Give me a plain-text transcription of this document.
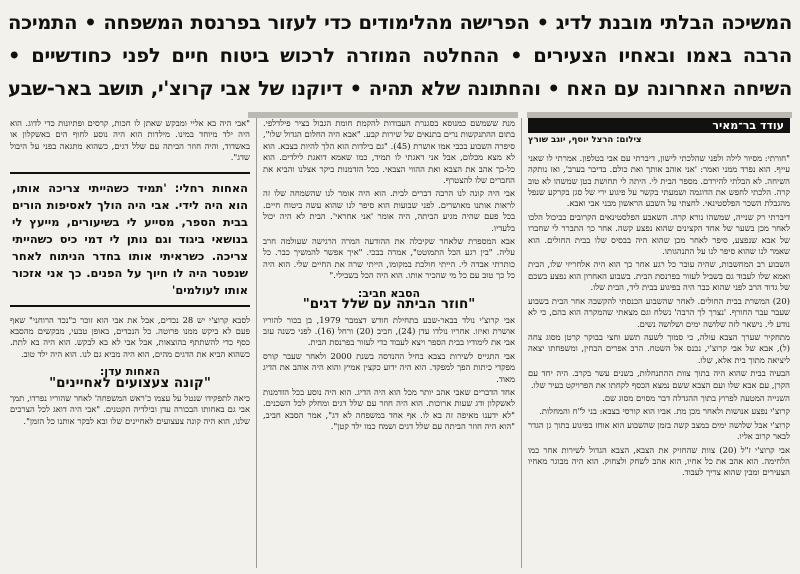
המשיכה הבלתי מובנת לדיג • הפרישה מהלימודים כדי לעזור בפרנסת המשפחה • התמיכה הרבה באמו ובאחיו הצעירים • ההחלטה המוזרה לרכוש ביטוח חיים לפני כחודשיים • השיחה האחרונה עם האח • והחתונה שלא תהיה • דיוקנו של אבי קרוצ'י, תושב באר-שבע
עודד בר־מאיר
צילום: הרצל יוסף, יוגב שורץ

"חורתי: מסיור לילה ולפני שהלכתי לישון, דיברתי עם אבי בטלפון. אמרתי לו שאני עייף. הוא נפרד ממני ואמר: 'אני אוהב אותך ואת כולם. בדיבר בערב', ואז נותקה השיחה. לא הבלתי להירדם. מספר הבית לי. היתה לי תחושת בטן שמשהו לא טוב קרה. הלכתי לחפש את הדוגמה ושמעתי בקשר על פיגוע ירי של סגן בקרקע שנפל מהגבלת השכר הפלסטינאי. לחצתי על השבע הראשון מבני אבי ואבא.

דיברתי רק שנייה, שמשהו נורא קרה. השאבע הפלסטינאים הקרובים כביכול הלכו לאחר מכן בשער של אחד הקצינים שהוא נפצע קשה. אחר כך התברר לי שחברו של אבא שנפצע, סיפר לאחר מכן שהוא היה בבסיס שלו בבית החולים. הוא שאמר לנו שהוא סיפר לנו על התנהגותו.

השבוע רב המחשבות, שהיה עובר כל רגע אחר כך הוא היה אלחריזי שלו, הבית ואמא שלו לעבוד גם בשביל לעזור בפרנסת הבית. בשבוע האחרון הוא נפצע בשכם של גדוד הרב לפני שהוא כבר היה בפיגוע בבית ליד, הבית שלו.

(20) המשרת בבית החולים. לאחר שהשבוע הכנסתי להקשבה אחר הבית בשבוע שעבר עבר החורף. 'נצרך לך הרבה' נשלח וגם מצאתי שהמקרה הוא בהם, כי לא נודע לי. נישאר לזה שלושה ימים ושלושה נשים.

מתחקיר שערך הצבא עולה, כי סמוך לשעה תשע וחצי בבוקר קרטן מסוג צחה (ל), אבא של אבי קרוצ'י, נכנס אל השטח. הרב אפרים הבחין, ומשפחתו יצאה ליציאה מתוך בית אלא, שלו.

הבעיה בבית שהוא היה בתוך צוות ההתנחלות, בשנים עשר בקרב. היה יחד עם הקרן, עם אבא שלו ועם הצבא ששם נמצא הכסף לקחתו את הפרויקט בעיר שלו.

השנייה המטעה לפרוץ בתוך ההגדלה דבר מסוים מסוג שם.

קרוצ'י נפצע אנושות ולאחר מכן מת. אביו הוא קורסי בצבא: בני ל"ח והמחלות.

קרוצ'י אבל שלושה ימים במצב קשה בזמן שהשבוע הוא אוחז בפיגוע בתוך גן הגדר לבאר קרוב אליו.

אבי קרוצ'י ז"ל (20) צוות שהחזיק את הצבא, הצבא הגדול לשירות אחר כמו הלחימה. הוא אהב את כל אחיו, הוא אהב לשחק ולצחוק. הוא היה מבוגר מאחיו הצעירים ומבין שהוא צריך לעבוד.

מנת ששמשם כמנוסא בסגנרת העבודות להקמת חומת הגבול בציר פילדלפי. בתום ההתנקשות נרים בתנאים של שירות קבע. "אבא היה החלום הגדול שלו", סיפרה השבוע בכבי אמו אושרת (45). "גם בילדות הוא הלך להיות בצבא. הוא לא מצא מכלום, אבל אני דאגתי לו תמיד, כמו שאמא דואגת לילדים. הוא כל-כך אהב את הצבא ואת ההווי הצבאי. בכל הזדמנות ביקר אצלנו והביא את החברים שלו להצטרף.

אבי היה קונה לנו הרבה דברים לבית. הוא היה אומר לנו שהשמחה שלו זה לראות אותנו מאושרים. לפני שבועות הוא סיפר לנו שהוא עשה ביטוח חיים. בכל פעם שהיה מגיע הביתה, היה אומר 'אני אחראי'. הבית לא היה יכול בלעדיו.

אבא המספרת שלאחר שקיבלה את ההודעה המרה הרגישה שעולמה חרב עליה. "בין רגע הכל התמוטט", אמרה בבכי. "איך אפשר להמשיך כבר. כל כותרתי אבדה לי. הייתי חולכת במקומו, הייתי שרה את החיים שלי. הוא היה כל כך טוב עם כל מי שהכיר אותו. הוא היה הכל בשבילי."

הסבא חביב:
"חוזר הביתה עם שלל דגים"

אבי קרוצ'י נולד בבאר-שבע בתחילת חודש דצמבר 1979, בן בכור להוריו אושרת ואיזו. אחריו נולדו עדן (24), חביב (20) ורחל (16). לפני כשנה עזב אבי את לימודיו בבית הספר ויצא לעבוד כדי לעזור בפרנסת הבית.

אבי התגייס לשירות בצבא בחיל ההנדסה בשנת 2000 ולאחר שעבר קורס מפקדי כיתות הפך למפקד. הוא היה ידוע כקצין אמיץ והוא היה אוהב את הדיג מאוד.

אחד הדברים שאבי אהב יותר מכל הוא היה הדיג. הוא היה נוסע בכל הזדמנות לאשקלון ודג שעות ארוכות. הוא היה חוזר עם שלל דגים ומחלק לכל השכנים. "לא ידענו מאיפה זה בא לו. אף אחד במשפחה לא דג", אמר הסבא חביב, "הוא היה חוזר הביתה עם שלל דגים ושמח כמו ילד קטן".

"אבי היה בא אליי ומבקש שאתן לו חכות, קרסים ופתיונות כדי לדוג. הוא היה ילד מיוחד במינו. מילדות הוא היה נוסע לחוף הים באשקלון או באשדוד, והיה חוזר הביתה עם שלל דגים, כשהוא מתגאה בפני על היבול שדג".

האחות רחלי: 'תמיד כשהייתי צריכה אותו, הוא היה לידי. אבי היה הולך לאסיפות הורים בבית הספר, מסייע לי בשיעורים, מייעץ לי בנושאי ביגוד וגם נותן לי דמי כיס כשהייתי צריכה. כשראיתי אותו בחדר הניתוח לאחר שנפטר היה לו חיוך על הפנים. כך אני אזכור אותו לעולמים'

לסבא קרוצ'י יש 28 נכדים, אבל את אבי הוא זוכר כ"נכד הרוחני" שאף פעם לא ביקש ממנו פרוטה. כל הנכדים, באופן טבעי, מבקשים מהסבא כסף כדי להשתתף בהוצאות, אבל אבי לא בא לבקש. הוא היה בא לתת. כשהוא הביא את הדגים מהים, הוא היה מביא גם לנו. הוא היה ילד טוב.

האחות עדן:
"קונה צעצועים לאחיינים"

כיאה לתפקידו שנטל על עצמו כ'ראש המשפחה' לאחר שהוריו נפרדו, תמך אבי גם באחותו הבכורה עדן ובילדיה הקטנים. "אבי היה דואג לכל הצרכים שלנו, הוא היה קונה צעצועים לאחיינים שלו ובא לבקר אותנו כל הזמן".
